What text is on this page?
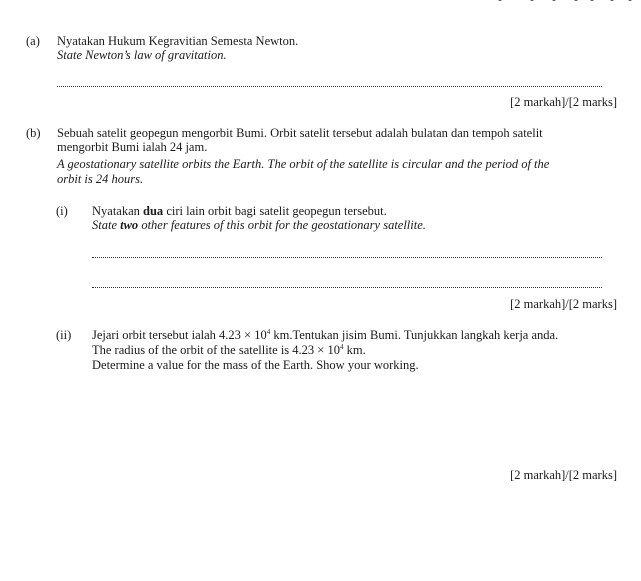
(a) Nyatakan Hukum Kegravitian Semesta Newton.
State Newton’s law of gravitation.
[2 markah]/[2 marks]
(b) Sebuah satelit geopegun mengorbit Bumi. Orbit satelit tersebut adalah bulatan dan tempoh satelit
mengorbit Bumi ialah 24 jam.
A geostationary satellite orbits the Earth. The orbit of the satellite is circular and the period of the
orbit is 24 hours.
(i) Nyatakan dua ciri lain orbit bagi satelit geopegun tersebut.
State two other features of this orbit for the geostationary satellite.
[2 markah]/[2 marks]
(ii) Jejari orbit tersebut ialah $4.23 \times 10^4$ km.Tentukan jisim Bumi. Tunjukkan langkah kerja anda.
The radius of the orbit of the satellite is $4.23 \times 10^4$ km.
Determine a value for the mass of the Earth. Show your working.
[2 markah]/[2 marks]
